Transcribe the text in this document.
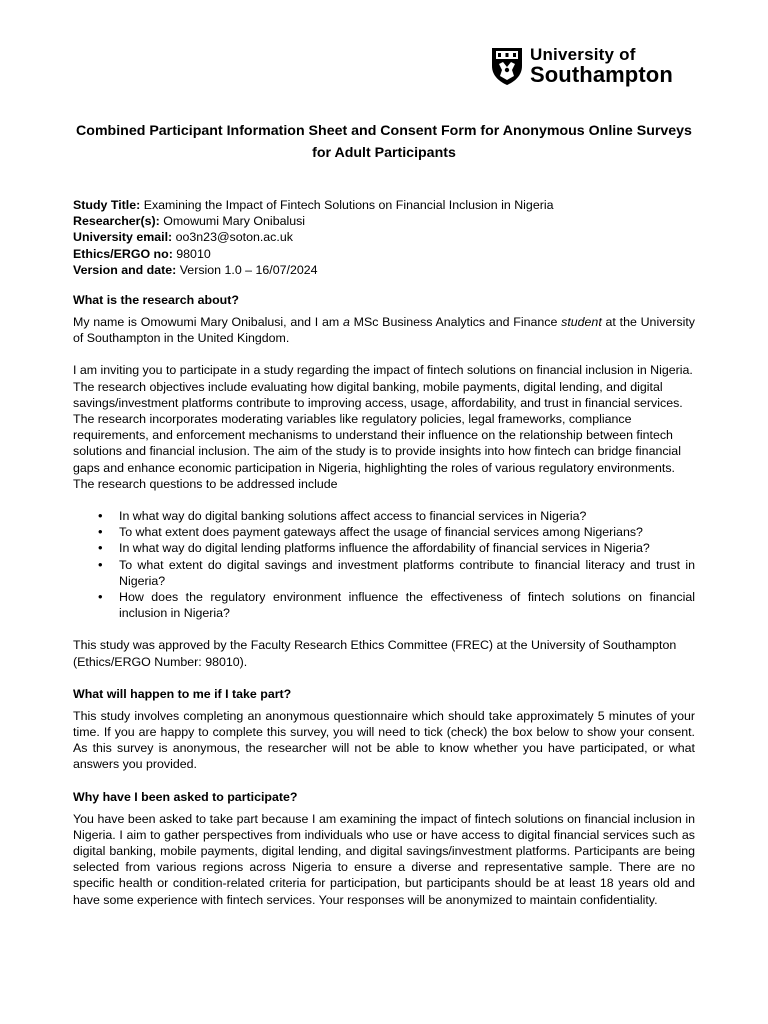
University of
Southampton
Combined Participant Information Sheet and Consent Form for Anonymous Online Surveys for Adult Participants
Study Title: Examining the Impact of Fintech Solutions on Financial Inclusion in Nigeria
Researcher(s): Omowumi Mary Onibalusi
University email: oo3n23@soton.ac.uk
Ethics/ERGO no: 98010
Version and date: Version 1.0 – 16/07/2024
What is the research about?

My name is Omowumi Mary Onibalusi, and I am a MSc Business Analytics and Finance student at the University of Southampton in the United Kingdom.

I am inviting you to participate in a study regarding the impact of fintech solutions on financial inclusion in Nigeria. The research objectives include evaluating how digital banking, mobile payments, digital lending, and digital savings/investment platforms contribute to improving access, usage, affordability, and trust in financial services. The research incorporates moderating variables like regulatory policies, legal frameworks, compliance requirements, and enforcement mechanisms to understand their influence on the relationship between fintech solutions and financial inclusion. The aim of the study is to provide insights into how fintech can bridge financial gaps and enhance economic participation in Nigeria, highlighting the roles of various regulatory environments. The research questions to be addressed include

• In what way do digital banking solutions affect access to financial services in Nigeria?
• To what extent does payment gateways affect the usage of financial services among Nigerians?
• In what way do digital lending platforms influence the affordability of financial services in Nigeria?
• To what extent do digital savings and investment platforms contribute to financial literacy and trust in Nigeria?
• How does the regulatory environment influence the effectiveness of fintech solutions on financial inclusion in Nigeria?

This study was approved by the Faculty Research Ethics Committee (FREC) at the University of Southampton (Ethics/ERGO Number: 98010).

What will happen to me if I take part?

This study involves completing an anonymous questionnaire which should take approximately 5 minutes of your time. If you are happy to complete this survey, you will need to tick (check) the box below to show your consent. As this survey is anonymous, the researcher will not be able to know whether you have participated, or what answers you provided.

Why have I been asked to participate?

You have been asked to take part because I am examining the impact of fintech solutions on financial inclusion in Nigeria. I aim to gather perspectives from individuals who use or have access to digital financial services such as digital banking, mobile payments, digital lending, and digital savings/investment platforms. Participants are being selected from various regions across Nigeria to ensure a diverse and representative sample. There are no specific health or condition-related criteria for participation, but participants should be at least 18 years old and have some experience with fintech services. Your responses will be anonymized to maintain confidentiality.
